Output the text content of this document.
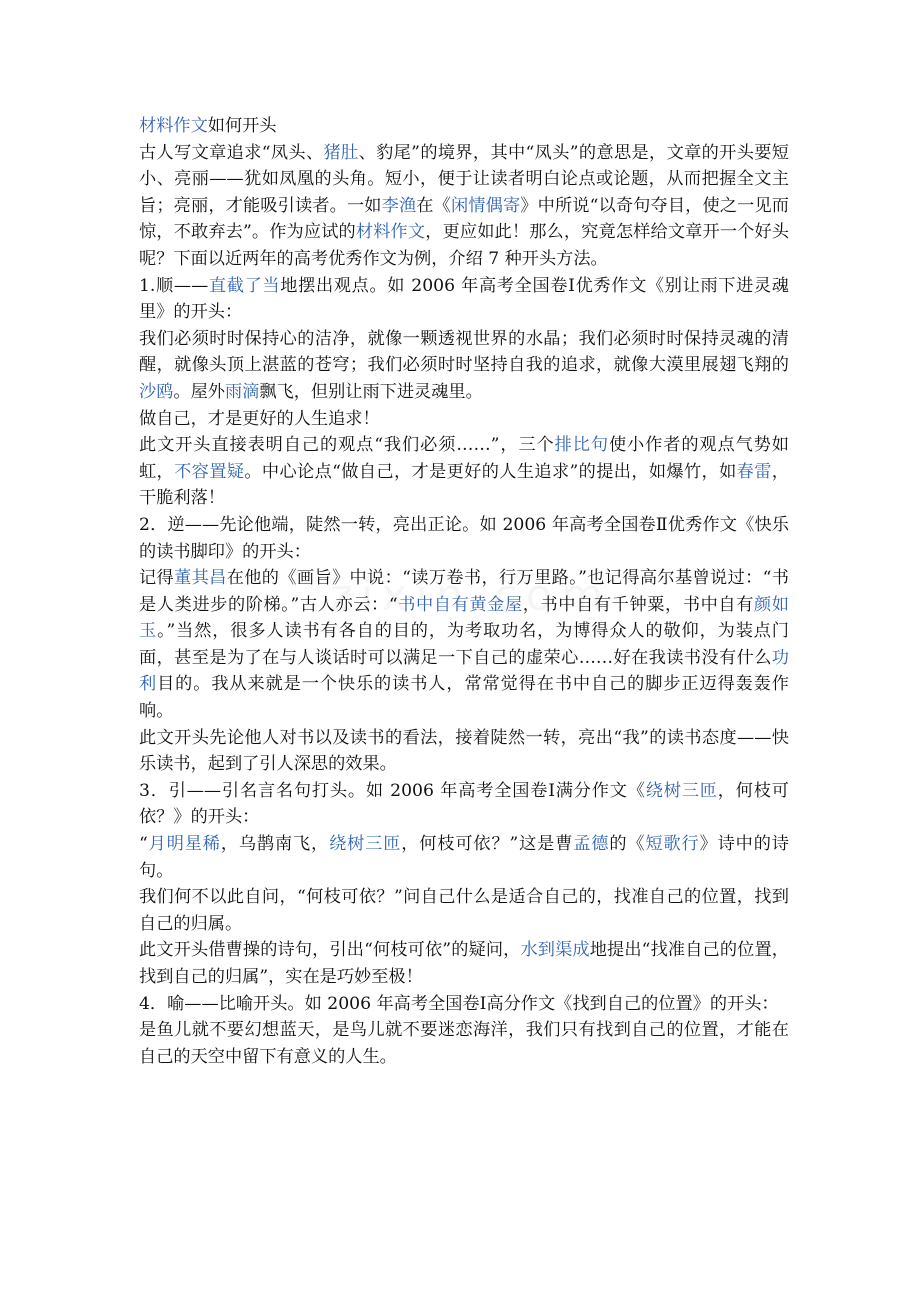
材料作文如何开头

古人写文章追求“凤头、猪肚、豹尾”的境界，其中“凤头”的意思是，文章的开头要短小、亮丽——犹如凤凰的头角。短小，便于让读者明白论点或论题，从而把握全文主旨；亮丽，才能吸引读者。一如李渔在《闲情偶寄》中所说“以奇句夺目，使之一见而惊，不敢弃去”。作为应试的材料作文，更应如此！那么，究竟怎样给文章开一个好头呢？下面以近两年的高考优秀作文为例，介绍 7 种开头方法。

1.顺——直截了当地摆出观点。如 2006 年高考全国卷Ⅰ优秀作文《别让雨下进灵魂里》的开头：

我们必须时时保持心的洁净，就像一颗透视世界的水晶；我们必须时时保持灵魂的清醒，就像头顶上湛蓝的苍穹；我们必须时时坚持自我的追求，就像大漠里展翅飞翔的沙鸥。屋外雨滴飘飞，但别让雨下进灵魂里。

做自己，才是更好的人生追求！

此文开头直接表明自己的观点“我们必须……”，三个排比句使小作者的观点气势如虹，不容置疑。中心论点“做自己，才是更好的人生追求”的提出，如爆竹，如春雷，干脆利落！

2．逆——先论他端，陡然一转，亮出正论。如 2006 年高考全国卷Ⅱ优秀作文《快乐的读书脚印》的开头：

记得董其昌在他的《画旨》中说：“读万卷书，行万里路。”也记得高尔基曾说过：“书是人类进步的阶梯。”古人亦云：“书中自有黄金屋，书中自有千钟粟，书中自有颜如玉。”当然，很多人读书有各自的目的，为考取功名，为博得众人的敬仰，为装点门面，甚至是为了在与人谈话时可以满足一下自己的虚荣心……好在我读书没有什么功利目的。我从来就是一个快乐的读书人，常常觉得在书中自己的脚步正迈得轰轰作响。

此文开头先论他人对书以及读书的看法，接着陡然一转，亮出“我”的读书态度——快乐读书，起到了引人深思的效果。

3．引——引名言名句打头。如 2006 年高考全国卷Ⅰ满分作文《绕树三匝，何枝可依？》的开头：

“月明星稀，乌鹊南飞，绕树三匝，何枝可依？”这是曹孟德的《短歌行》诗中的诗句。

我们何不以此自问，“何枝可依？”问自己什么是适合自己的，找准自己的位置，找到自己的归属。

此文开头借曹操的诗句，引出“何枝可依”的疑问，水到渠成地提出“找准自己的位置，找到自己的归属”，实在是巧妙至极！

4．喻——比喻开头。如 2006 年高考全国卷Ⅰ高分作文《找到自己的位置》的开头：

是鱼儿就不要幻想蓝天，是鸟儿就不要迷恋海洋，我们只有找到自己的位置，才能在自己的天空中留下有意义的人生。
